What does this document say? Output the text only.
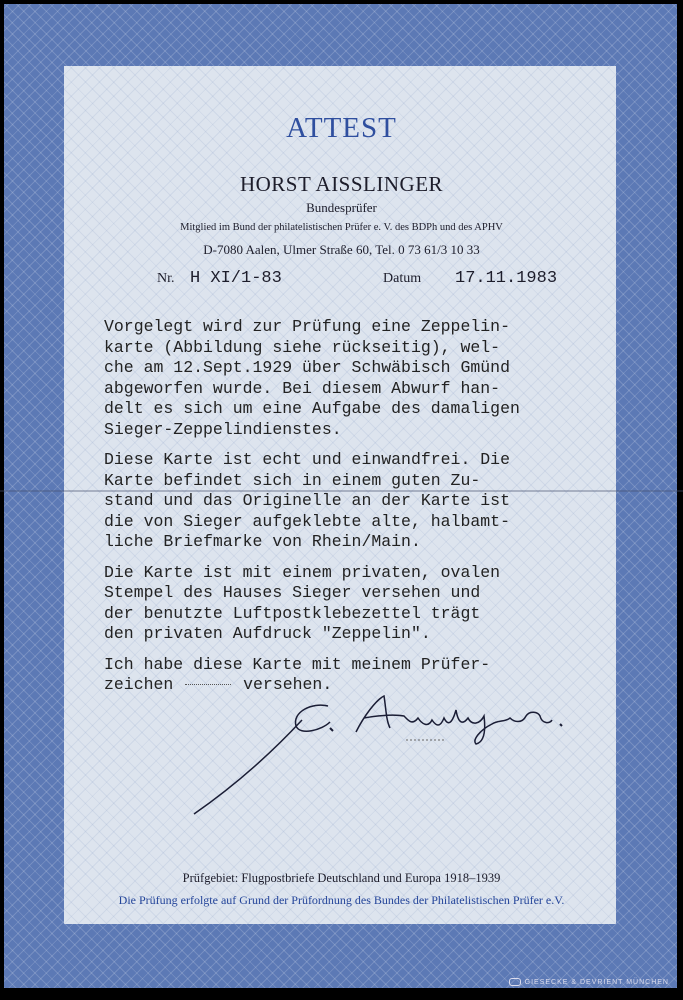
ATTEST
HORST AISSLINGER
Bundesprüfer
Mitglied im Bund der philatelistischen Prüfer e. V. des BDPh und des APHV
D-7080 Aalen, Ulmer Straße 60, Tel. 0 73 61/3 10 33
Nr. H XI/1-83	Datum 17.11.1983
Vorgelegt wird zur Prüfung eine Zeppelin-
karte (Abbildung siehe rückseitig), wel-
che am 12.Sept.1929 über Schwäbisch Gmünd
abgeworfen wurde. Bei diesem Abwurf han-
delt es sich um eine Aufgabe des damaligen
Sieger-Zeppelindienstes.
Diese Karte ist echt und einwandfrei. Die
Karte befindet sich in einem guten Zu-
stand und das Originelle an der Karte ist
die von Sieger aufgeklebte alte, halbamt-
liche Briefmarke von Rhein/Main.
Die Karte ist mit einem privaten, ovalen
Stempel des Hauses Sieger versehen und
der benutzte Luftpostklebezettel trägt
den privaten Aufdruck "Zeppelin".
Ich habe diese Karte mit meinem Prüfer-
zeichen	versehen.
Prüfgebiet: Flugpostbriefe Deutschland und Europa 1918–1939
Die Prüfung erfolgte auf Grund der Prüfordnung des Bundes der Philatelistischen Prüfer e.V.
GIESECKE & DEVRIENT MÜNCHEN
